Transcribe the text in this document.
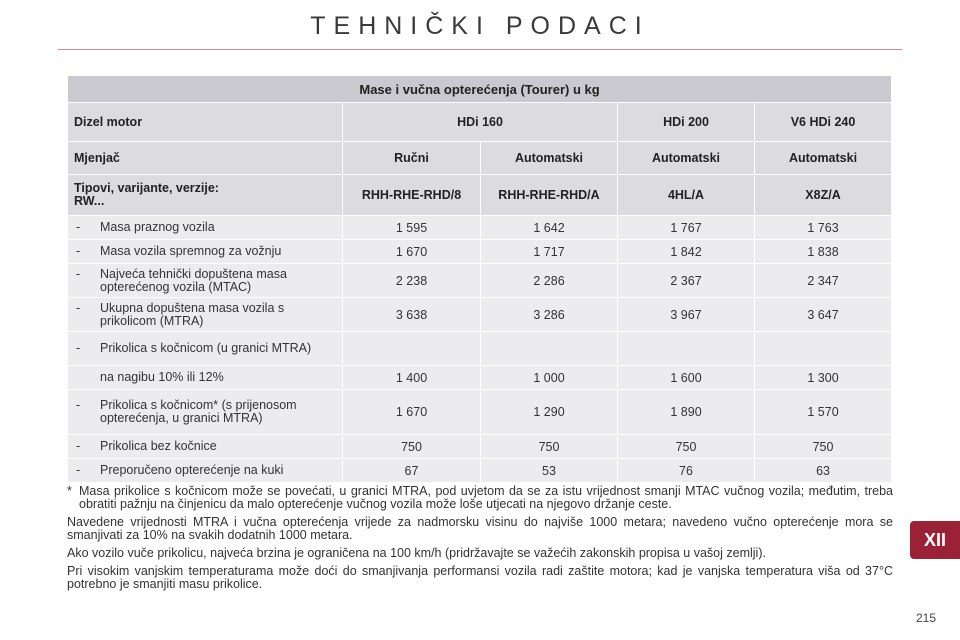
TEHNIČKI PODACI
Mase i vučna opterećenja (Tourer) u kg				
Dizel motor	HDi 160		HDi 200	V6 HDi 240
Mjenjač	Ručni	Automatski	Automatski	Automatski

Tipovi, varijante, verzije:
RW...	RHH-RHE-RHD/8	RHH-RHE-RHD/A	4HL/A	X8Z/A

- Masa praznog vozila	1 595	1 642	1 767	1 763

- Masa vozila spremnog za vožnju	1 670	1 717	1 842	1 838

- Najveća tehnički dopuštena masa opterećenog vozila (MTAC)	2 238	2 286	2 367	2 347

- Ukupna dopuštena masa vozila s prikolicom (MTRA)	3 638	3 286	3 967	3 647

- Prikolica s kočnicom (u granici MTRA)				

na nagibu 10% ili 12%	1 400	1 000	1 600	1 300

- Prikolica s kočnicom* (s prijenosom opterećenja, u granici MTRA)	1 670	1 290	1 890	1 570

- Prikolica bez kočnice	750	750	750	750

- Preporučeno opterećenje na kuki	67	53	76	63

* Masa prikolice s kočnicom može se povećati, u granici MTRA, pod uvjetom da se za istu vrijednost smanji MTAC vučnog vozila; međutim, treba obratiti pažnju na činjenicu da malo opterećenje vučnog vozila može loše utjecati na njegovo držanje ceste.

Navedene vrijednosti MTRA i vučna opterećenja vrijede za nadmorsku visinu do najviše 1000 metara; navedeno vučno opterećenje mora se smanjivati za 10% na svakih dodatnih 1000 metara.

Ako vozilo vuče prikolicu, najveća brzina je ograničena na 100 km/h (pridržavajte se važećih zakonskih propisa u vašoj zemlji).

Pri visokim vanjskim temperaturama može doći do smanjivanja performansi vozila radi zaštite motora; kad je vanjska temperatura viša od 37°C potrebno je smanjiti masu prikolice.

XII
215
